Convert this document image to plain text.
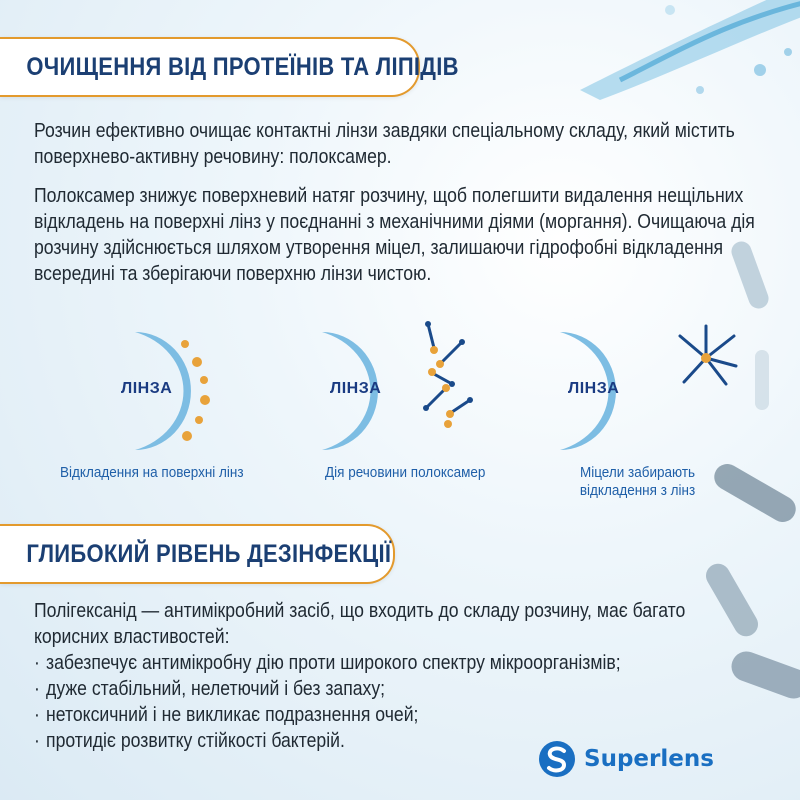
ОЧИЩЕННЯ ВІД ПРОТЕЇНІВ ТА ЛІПІДІВ

Розчин ефективно очищає контактні лінзи завдяки спеціальному складу, який містить поверхнево-активну речовину: полоксамер.

Полоксамер знижує поверхневий натяг розчину, щоб полегшити видалення нещільних відкладень на поверхні лінз у поєднанні з механічними діями (моргання). Очищаюча дія розчину здійснюється шляхом утворення міцел, залишаючи гідрофобні відкладення всередині та зберігаючи поверхню лінзи чистою.

ЛІНЗА	ЛІНЗА	ЛІНЗА
Відкладення на поверхні лінз	Дія речовини полоксамер	Міцели забирають
відкладення з лінз
ГЛИБОКИЙ РІВЕНЬ ДЕЗІНФЕКЦІЇ

Полігексанід — антимікробний засіб, що входить до складу розчину, має багато корисних властивостей:

· забезпечує антимікробну дію проти широкого спектру мікроорганізмів;
· дуже стабільний, нелетючий і без запаху;
· нетоксичний і не викликає подразнення очей;
· протидіє розвитку стійкості бактерій.
Superlens
